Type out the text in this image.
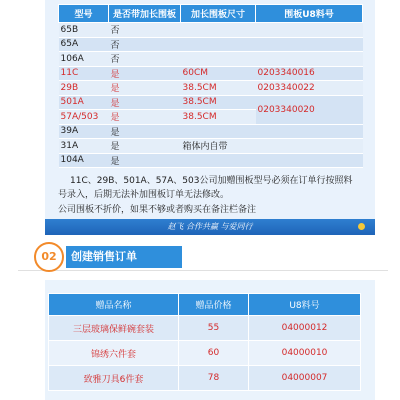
型号	是否带加长围板	加长围板尺寸	围板U8料号
65B	否		
65A	否		
106A	否		
11C	是	60CM	0203340016
29B	是	38.5CM	0203340022
501A	是	38.5CM	0203340020
57A/503	是	38.5CM	
39A	是		
31A	是	箱体内自带	
104A	是		
11C、29B、501A、57A、503公司加赠围板型号必须在订单行按照料
号录入，后期无法补加围板订单无法修改。
公司围板不折价，如果不够或者购买在备注栏备注
赵飞 合作共赢 与爱同行
创建销售订单
02
赠品名称	赠品价格	U8料号
三层玻璃保鲜碗套装	55	04000012
锦绣六件套	60	04000010
致雅刀具6件套	78	04000007
